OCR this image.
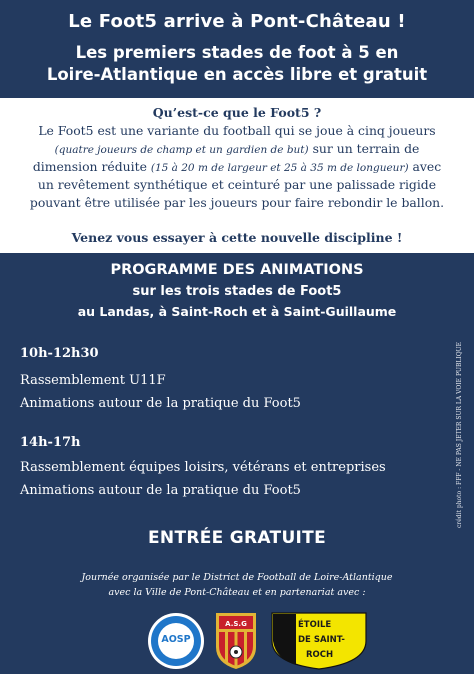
Le Foot5 arrive à Pont-Château !
Les premiers stades de foot à 5 en
Loire-Atlantique en accès libre et gratuit
Qu’est-ce que le Foot5 ?
Le Foot5 est une variante du football qui se joue à cinq joueurs
(quatre joueurs de champ et un gardien de but) sur un terrain de
dimension réduite (15 à 20 m de largeur et 25 à 35 m de longueur) avec
un revêtement synthétique et ceinturé par une palissade rigide
pouvant être utilisée par les joueurs pour faire rebondir le ballon.
Venez vous essayer à cette nouvelle discipline !
PROGRAMME DES ANIMATIONS
sur les trois stades de Foot5
au Landas, à Saint-Roch et à Saint-Guillaume
10h-12h30
Rassemblement U11F
Animations autour de la pratique du Foot5
14h-17h
Rassemblement équipes loisirs, vétérans et entreprises
Animations autour de la pratique du Foot5	crédit photo : FFF - NE PAS JETER SUR LA VOIE PUBLIQUE
ENTRÉE GRATUITE
Journée organisée par le District de Football de Loire-Atlantique
avec la Ville de Pont-Château et en partenariat avec :
AOSP
A.S.G	ÉTOILE
DE SAINT-
ROCH
